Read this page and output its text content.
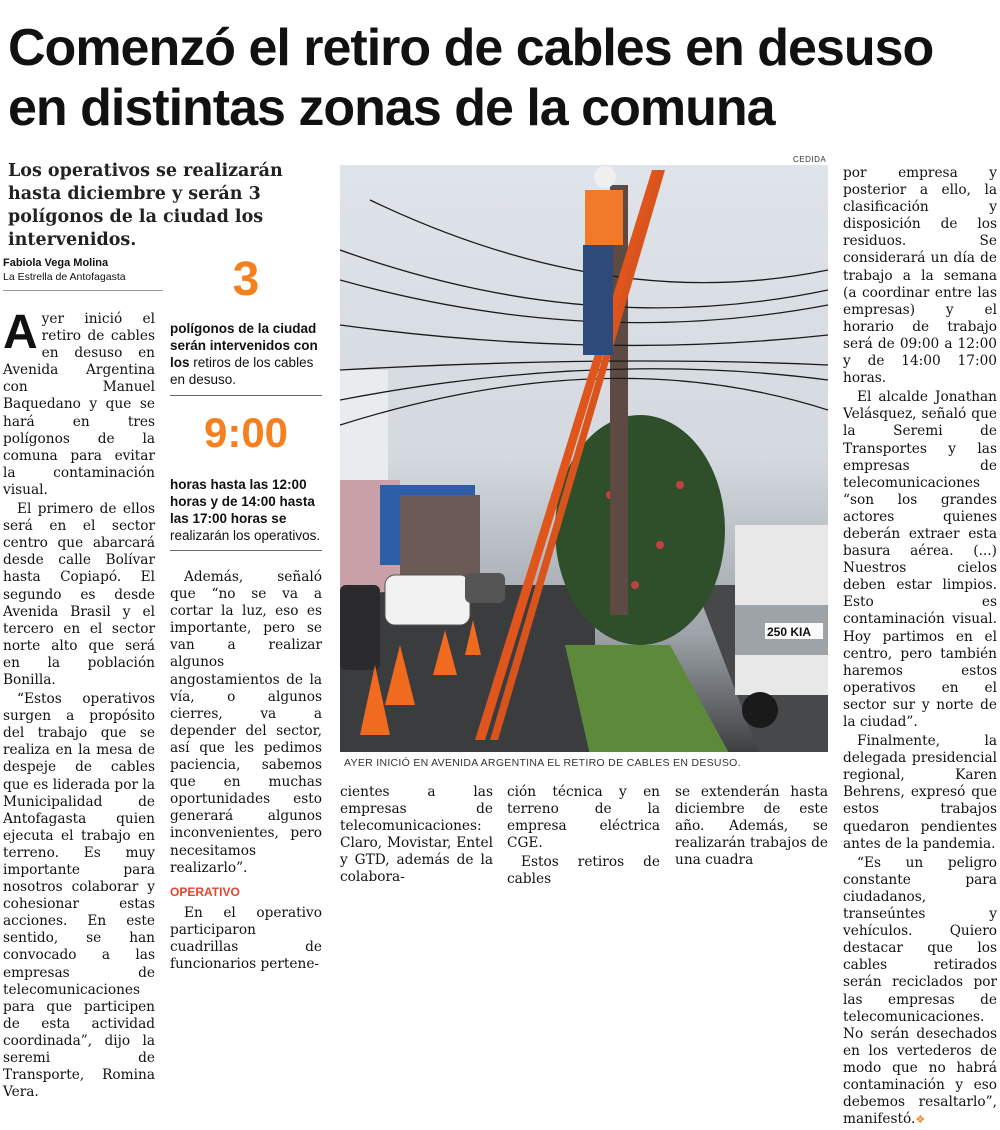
Comenzó el retiro de cables en desuso
en distintas zonas de la comuna
Los operativos se realizarán hasta diciembre y serán 3 polígonos de la ciudad los intervenidos.
Fabiola Vega Molina
La Estrella de Antofagasta

Ayer inició el retiro de cables en desuso en Avenida Argentina con Manuel Baquedano y que se hará en tres polígonos de la comuna para evitar la contaminación visual.

El primero de ellos será en el sector centro que abarcará desde calle Bolívar hasta Copiapó. El segundo es desde Avenida Brasil y el tercero en el sector norte alto que será en la población Bonilla.

“Estos operativos surgen a propósito del trabajo que se realiza en la mesa de despeje de cables que es liderada por la Municipalidad de Antofagasta quien ejecuta el trabajo en terreno. Es muy importante para nosotros colaborar y cohesionar estas acciones. En este sentido, se han convocado a las empresas de telecomunicaciones para que participen de esta actividad coordinada”, dijo la seremi de Transporte, Romina Vera.

3
polígonos de la ciudad serán intervenidos con los retiros de los cables en desuso.
9:00
horas hasta las 12:00 horas y de 14:00 hasta las 17:00 horas se realizarán los operativos.

Además, señaló que “no se va a cortar la luz, eso es importante, pero se van a realizar algunos angostamientos de la vía, o algunos cierres, va a depender del sector, así que les pedimos paciencia, sabemos que en muchas oportunidades esto generará algunos inconvenientes, pero necesitamos realizarlo”.

OPERATIVO

En el operativo participaron cuadrillas de funcionarios pertene-

CEDIDA
250 KIA
AYER INICIÓ EN AVENIDA ARGENTINA EL RETIRO DE CABLES EN DESUSO.

cientes a las empresas de telecomunicaciones: Claro, Movistar, Entel y GTD, además de la colabora-

ción técnica y en terreno de la empresa eléctrica CGE.

Estos retiros de cables

se extenderán hasta diciembre de este año. Además, se realizarán trabajos de una cuadra

por empresa y posterior a ello, la clasificación y disposición de los residuos. Se considerará un día de trabajo a la semana (a coordinar entre las empresas) y el horario de trabajo será de 09:00 a 12:00 y de 14:00 17:00 horas.

El alcalde Jonathan Velásquez, señaló que la Seremi de Transportes y las empresas de telecomunicaciones “son los grandes actores quienes deberán extraer esta basura aérea. (...) Nuestros cielos deben estar limpios. Esto es contaminación visual. Hoy partimos en el centro, pero también haremos estos operativos en el sector sur y norte de la ciudad”.

Finalmente, la delegada presidencial regional, Karen Behrens, expresó que estos trabajos quedaron pendientes antes de la pandemia.

“Es un peligro constante para ciudadanos, transeúntes y vehículos. Quiero destacar que los cables retirados serán reciclados por las empresas de telecomunicaciones. No serán desechados en los vertederos de modo que no habrá contaminación y eso debemos resaltarlo”, manifestó.❖
